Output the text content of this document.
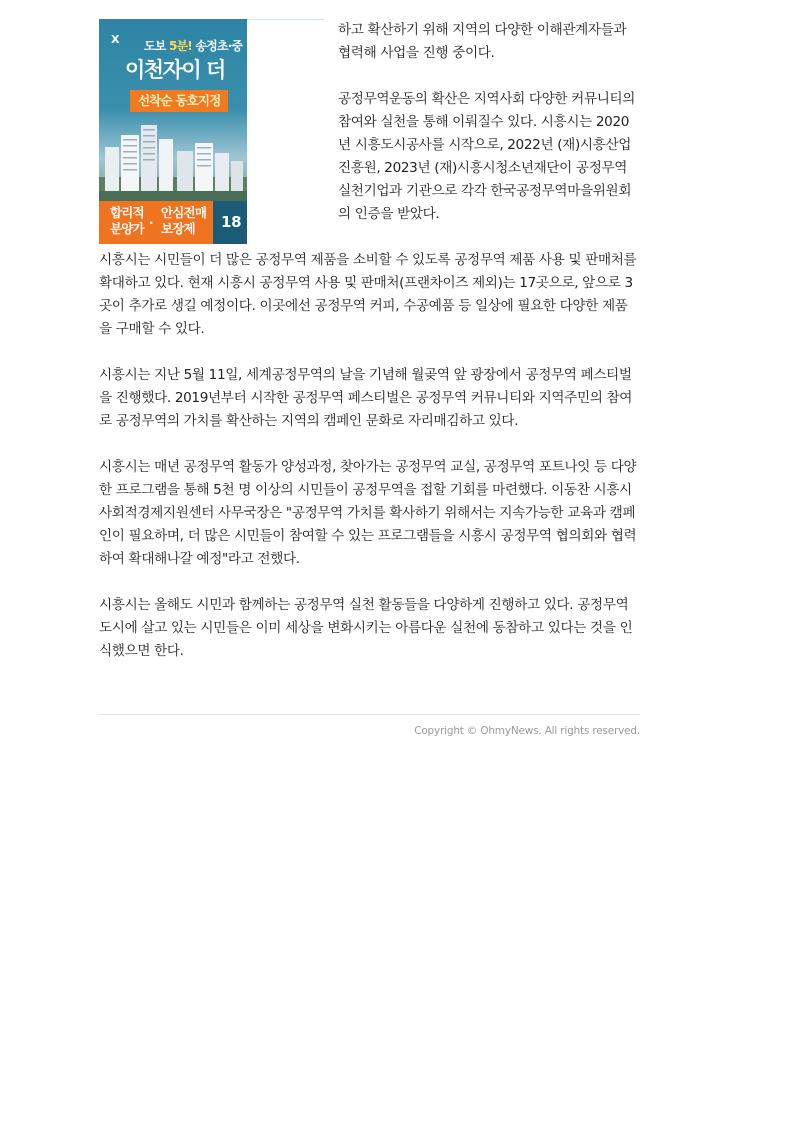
X 도보 5분! 송정초·중
이천자이 더
선착순 동호지정
합리적
분양가 ·
안심전매
보장제	18

하고 확산하기 위해 지역의 다양한 이해관계자들과 협력해 사업을 진행 중이다.

공정무역운동의 확산은 지역사회 다양한 커뮤니티의 참여와 실천을 통해 이뤄질수 있다. 시흥시는 2020년 시흥도시공사를 시작으로, 2022년 (재)시흥산업진흥원, 2023년 (재)시흥시청소년재단이 공정무역 실천기업과 기관으로 각각 한국공정무역마을위원회의 인증을 받았다.

시흥시는 시민들이 더 많은 공정무역 제품을 소비할 수 있도록 공정무역 제품 사용 및 판매처를 확대하고 있다. 현재 시흥시 공정무역 사용 및 판매처(프랜차이즈 제외)는 17곳으로, 앞으로 3곳이 추가로 생길 예정이다. 이곳에선 공정무역 커피, 수공예품 등 일상에 필요한 다양한 제품을 구매할 수 있다.

시흥시는 지난 5월 11일, 세계공정무역의 날을 기념해 월곶역 앞 광장에서 공정무역 페스티벌을 진행했다. 2019년부터 시작한 공정무역 페스티벌은 공정무역 커뮤니티와 지역주민의 참여로 공정무역의 가치를 확산하는 지역의 캠페인 문화로 자리매김하고 있다.

시흥시는 매년 공정무역 활동가 양성과정, 찾아가는 공정무역 교실, 공정무역 포트나잇 등 다양한 프로그램을 통해 5천 명 이상의 시민들이 공정무역을 접할 기회를 마련했다. 이동찬 시흥시사회적경제지원센터 사무국장은 "공정무역 가치를 확사하기 위해서는 지속가능한 교육과 캠페인이 필요하며, 더 많은 시민들이 참여할 수 있는 프로그램들을 시흥시 공정무역 협의회와 협력하여 확대해나갈 예정"라고 전했다.

시흥시는 올해도 시민과 함께하는 공정무역 실천 활동들을 다양하게 진행하고 있다. 공정무역도시에 살고 있는 시민들은 이미 세상을 변화시키는 아름다운 실천에 동참하고 있다는 것을 인식했으면 한다.

Copyright © OhmyNews. All rights reserved.
